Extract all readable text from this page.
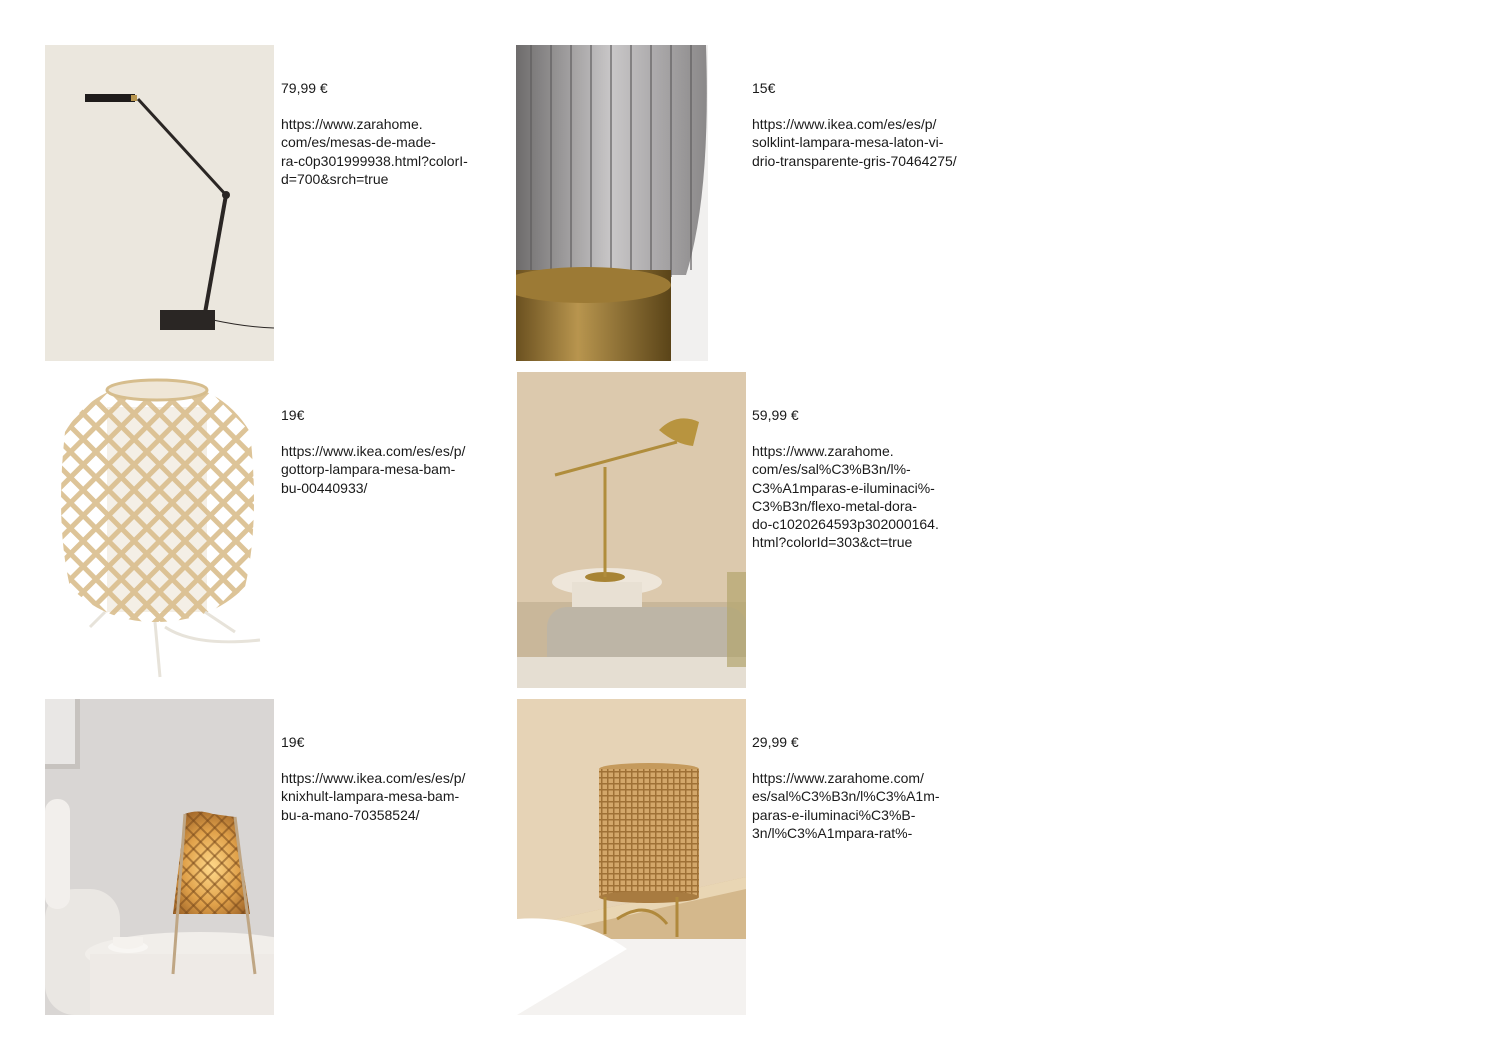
79,99 €

https://www.zarahome.
com/es/mesas-de-made-
ra-c0p301999938.html?colorI-
d=700&srch=true

15€

https://www.ikea.com/es/es/p/
solklint-lampara-mesa-laton-vi-
drio-transparente-gris-70464275/

19€

https://www.ikea.com/es/es/p/
gottorp-lampara-mesa-bam-
bu-00440933/

59,99 €

https://www.zarahome.
com/es/sal%C3%B3n/l%-
C3%A1mparas-e-iluminaci%-
C3%B3n/flexo-metal-dora-
do-c1020264593p302000164.
html?colorId=303&ct=true

19€

https://www.ikea.com/es/es/p/
knixhult-lampara-mesa-bam-
bu-a-mano-70358524/

29,99 €

https://www.zarahome.com/
es/sal%C3%B3n/l%C3%A1m-
paras-e-iluminaci%C3%B-
3n/l%C3%A1mpara-rat%-
